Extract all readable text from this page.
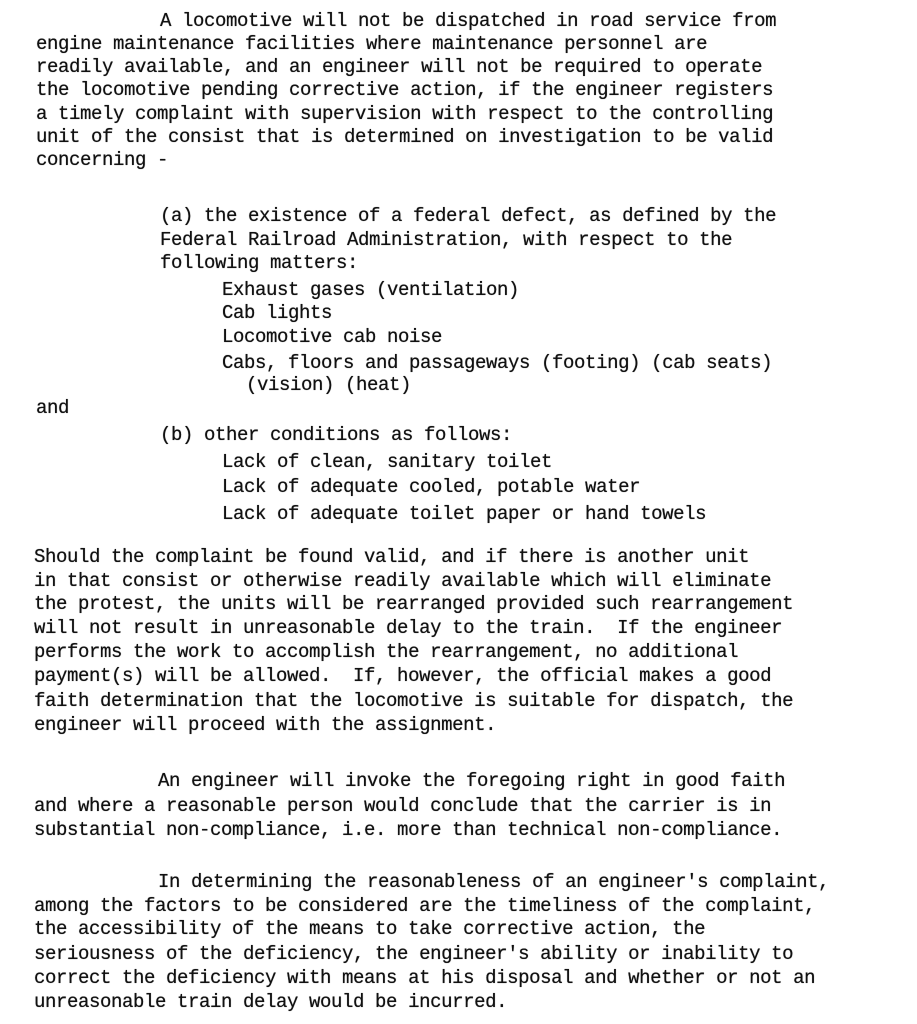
A locomotive will not be dispatched in road service from
engine maintenance facilities where maintenance personnel are
readily available, and an engineer will not be required to operate
the locomotive pending corrective action, if the engineer registers
a timely complaint with supervision with respect to the controlling
unit of the consist that is determined on investigation to be valid
concerning -
(a) the existence of a federal defect, as defined by the
Federal Railroad Administration, with respect to the
following matters:
Exhaust gases (ventilation)
Cab lights
Locomotive cab noise
Cabs, floors and passageways (footing) (cab seats)
(vision) (heat)
and
(b) other conditions as follows:
Lack of clean, sanitary toilet
Lack of adequate cooled, potable water
Lack of adequate toilet paper or hand towels
Should the complaint be found valid, and if there is another unit
in that consist or otherwise readily available which will eliminate
the protest, the units will be rearranged provided such rearrangement
will not result in unreasonable delay to the train.  If the engineer
performs the work to accomplish the rearrangement, no additional
payment(s) will be allowed.  If, however, the official makes a good
faith determination that the locomotive is suitable for dispatch, the
engineer will proceed with the assignment.
An engineer will invoke the foregoing right in good faith
and where a reasonable person would conclude that the carrier is in
substantial non-compliance, i.e. more than technical non-compliance.
In determining the reasonableness of an engineer's complaint,
among the factors to be considered are the timeliness of the complaint,
the accessibility of the means to take corrective action, the
seriousness of the deficiency, the engineer's ability or inability to
correct the deficiency with means at his disposal and whether or not an
unreasonable train delay would be incurred.
